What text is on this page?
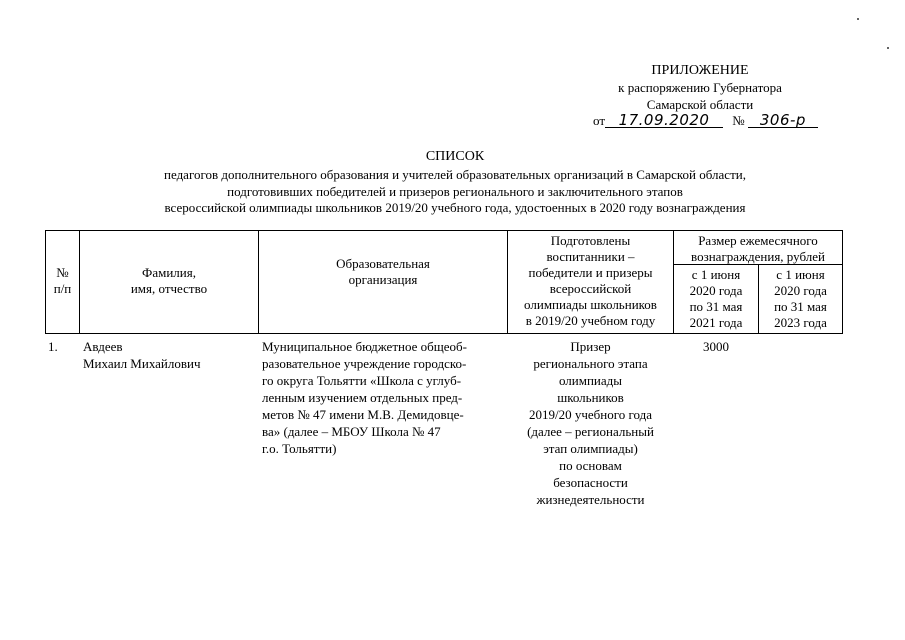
ПРИЛОЖЕНИЕ
к распоряжению Губернатора
Самарской области
от 17.09.2020 № 306-р
СПИСОК
педагогов дополнительного образования и учителей образовательных организаций в Самарской области,
подготовивших победителей и призеров регионального и заключительного этапов
всероссийской олимпиады школьников 2019/20 учебного года, удостоенных в 2020 году вознаграждения
№
п/п
Фамилия,
имя, отчество
Образовательная
организация
Подготовлены
воспитанники –
победители и призеры
всероссийской
олимпиады школьников
в 2019/20 учебном году
Размер ежемесячного
вознаграждения, рублей
с 1 июня
2020 года
по 31 мая
2021 года
с 1 июня
2020 года
по 31 мая
2023 года
1. Авдеев
Михаил Михайлович
Муниципальное бюджетное общеоб-
разовательное учреждение городско-
го округа Тольятти «Школа с углуб-
ленным изучением отдельных пред-
метов № 47 имени М.В. Демидовце-
ва» (далее – МБОУ Школа № 47
г.о. Тольятти)
Призер
регионального этапа
олимпиады
школьников
2019/20 учебного года
(далее – региональный
этап олимпиады)
по основам
безопасности
жизнедеятельности
3000
